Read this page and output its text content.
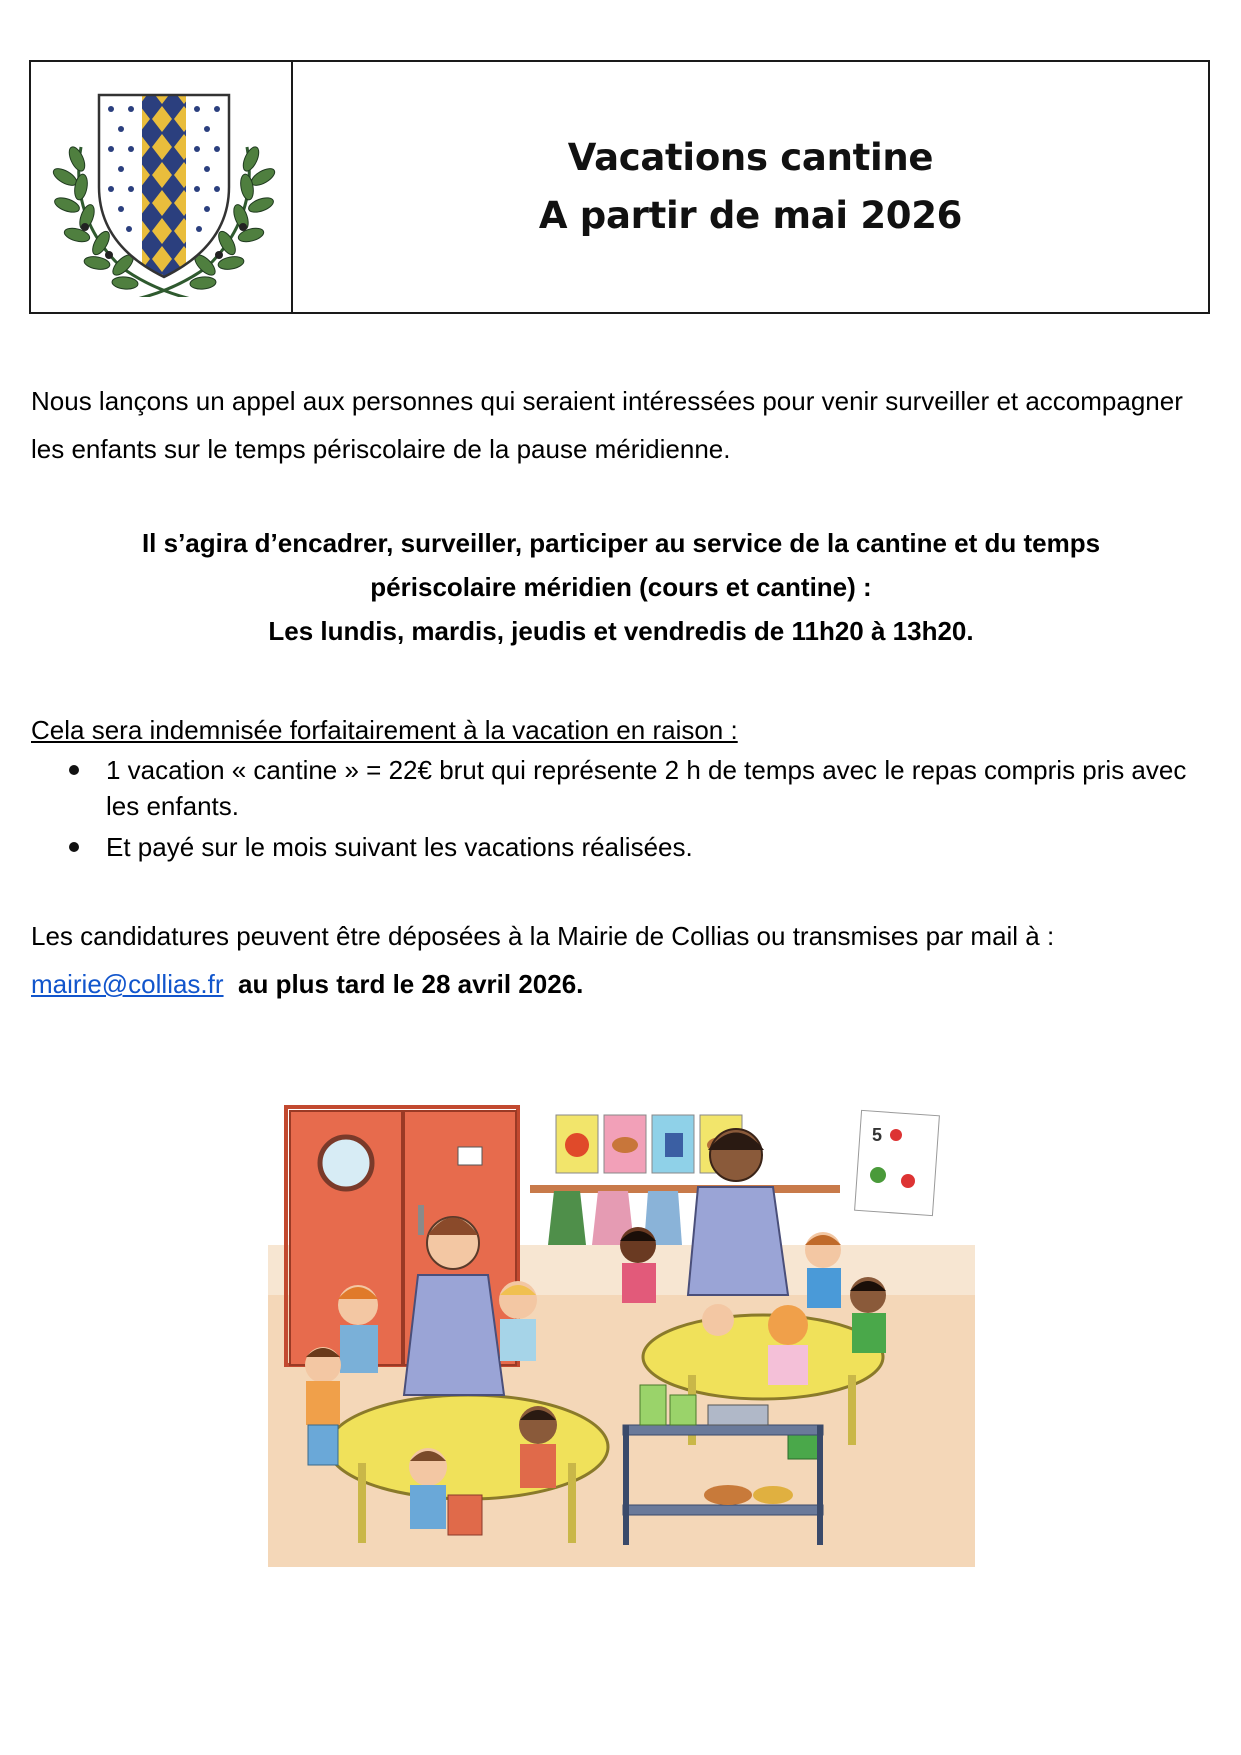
Vacations cantine
A partir de mai 2026
Nous lançons un appel aux personnes qui seraient intéressées pour venir surveiller et accompagner les enfants sur le temps périscolaire de la pause méridienne.
Il s’agira d’encadrer, surveiller, participer au service de la cantine et du temps
périscolaire méridien (cours et cantine) :
Les lundis, mardis, jeudis et vendredis de 11h20 à 13h20.
Cela sera indemnisée forfaitairement à la vacation en raison :
1 vacation « cantine » = 22€ brut qui représente 2 h de temps avec le repas compris pris avec les enfants.
Et payé sur le mois suivant les vacations réalisées.
Les candidatures peuvent être déposées à la Mairie de Collias ou transmises par mail à :
mairie@collias.fr au plus tard le 28 avril 2026.
5
